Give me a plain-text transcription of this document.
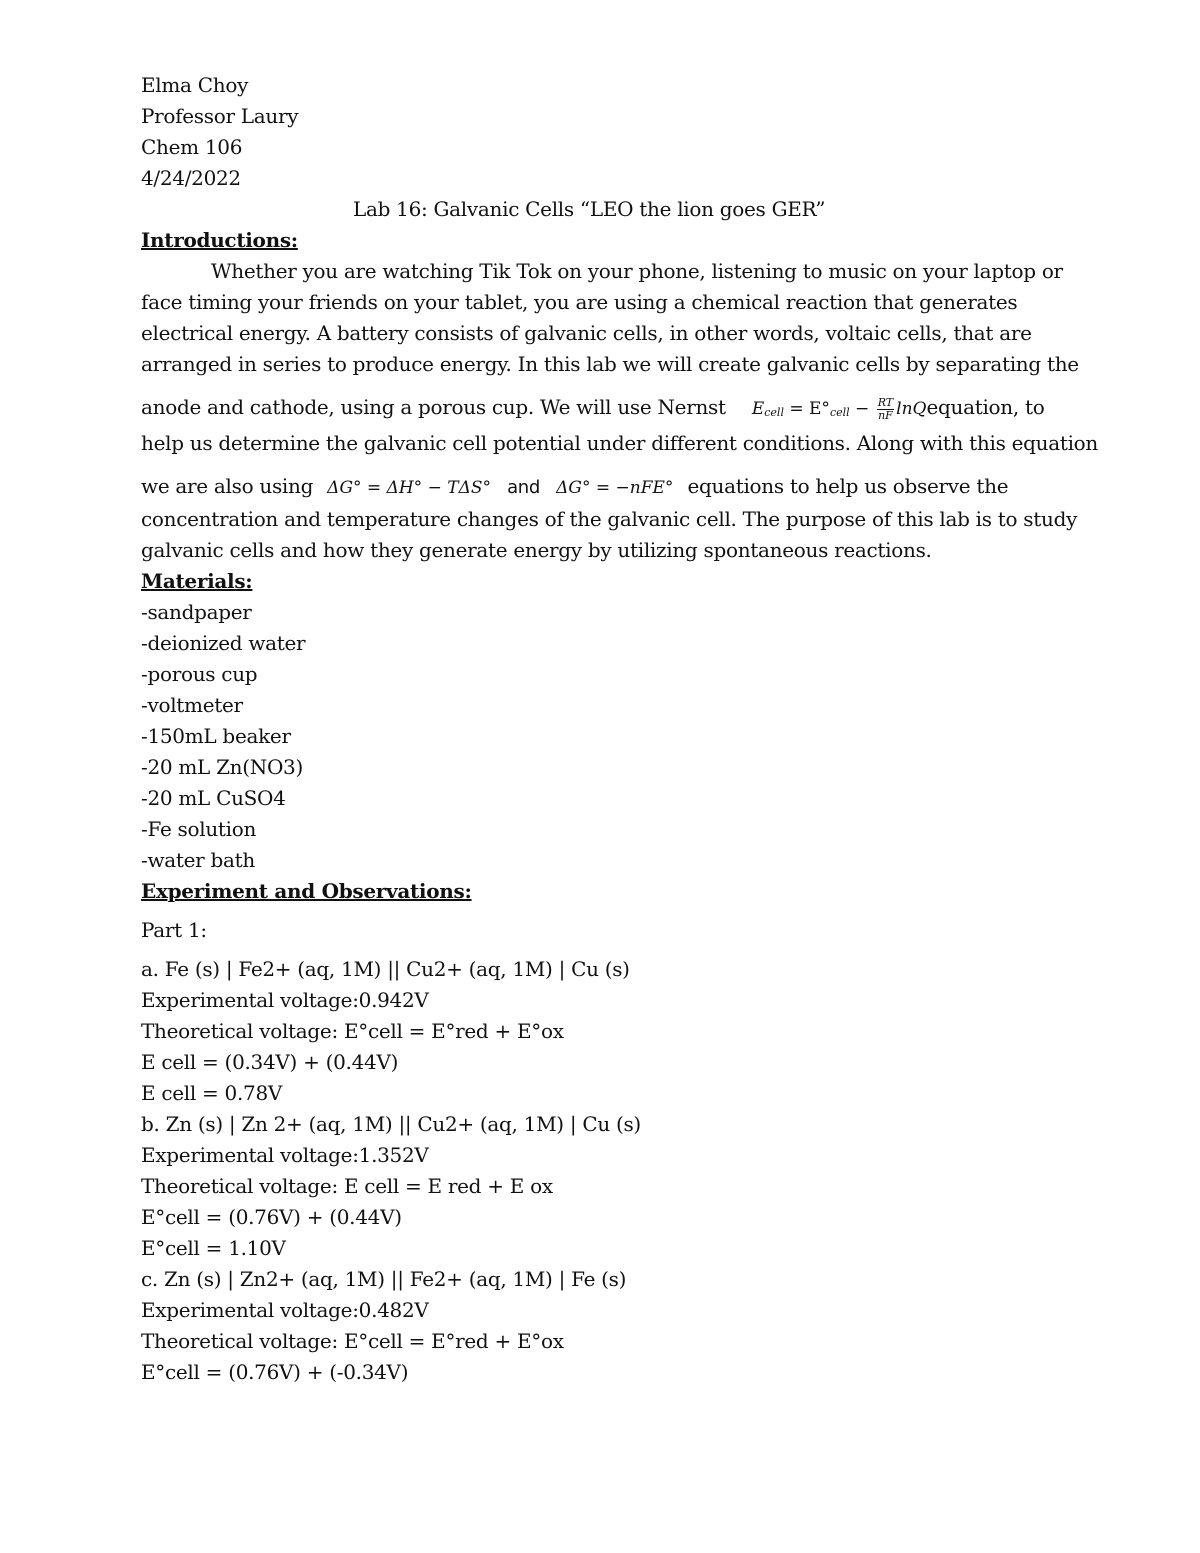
Elma Choy
Professor Laury
Chem 106
4/24/2022
Lab 16: Galvanic Cells “LEO the lion goes GER”
Introductions:
Whether you are watching Tik Tok on your phone, listening to music on your laptop or
face timing your friends on your tablet, you are using a chemical reaction that generates
electrical energy. A battery consists of galvanic cells, in other words, voltaic cells, that are
arranged in series to produce energy. In this lab we will create galvanic cells by separating the
anode and cathode, using a porous cup. We will use Nernst Ecell = E°cell − $\frac{RT}{nF}$ lnQequation, to
help us determine the galvanic cell potential under different conditions. Along with this equation
we are also using ΔG° = ΔH° − TΔS° and ΔG° = −nFE° equations to help us observe the
concentration and temperature changes of the galvanic cell. The purpose of this lab is to study
galvanic cells and how they generate energy by utilizing spontaneous reactions.
Materials:
-sandpaper
-deionized water
-porous cup
-voltmeter
-150mL beaker
-20 mL Zn(NO3)
-20 mL CuSO4
-Fe solution
-water bath
Experiment and Observations:
Part 1:
a. Fe (s) | Fe2+ (aq, 1M) || Cu2+ (aq, 1M) | Cu (s)
Experimental voltage:0.942V
Theoretical voltage: E°cell = E°red + E°ox
E cell = (0.34V) + (0.44V)
E cell = 0.78V
b. Zn (s) | Zn 2+ (aq, 1M) || Cu2+ (aq, 1M) | Cu (s)
Experimental voltage:1.352V
Theoretical voltage: E cell = E red + E ox
E°cell = (0.76V) + (0.44V)
E°cell = 1.10V
c. Zn (s) | Zn2+ (aq, 1M) || Fe2+ (aq, 1M) | Fe (s)
Experimental voltage:0.482V
Theoretical voltage: E°cell = E°red + E°ox
E°cell = (0.76V) + (-0.34V)
